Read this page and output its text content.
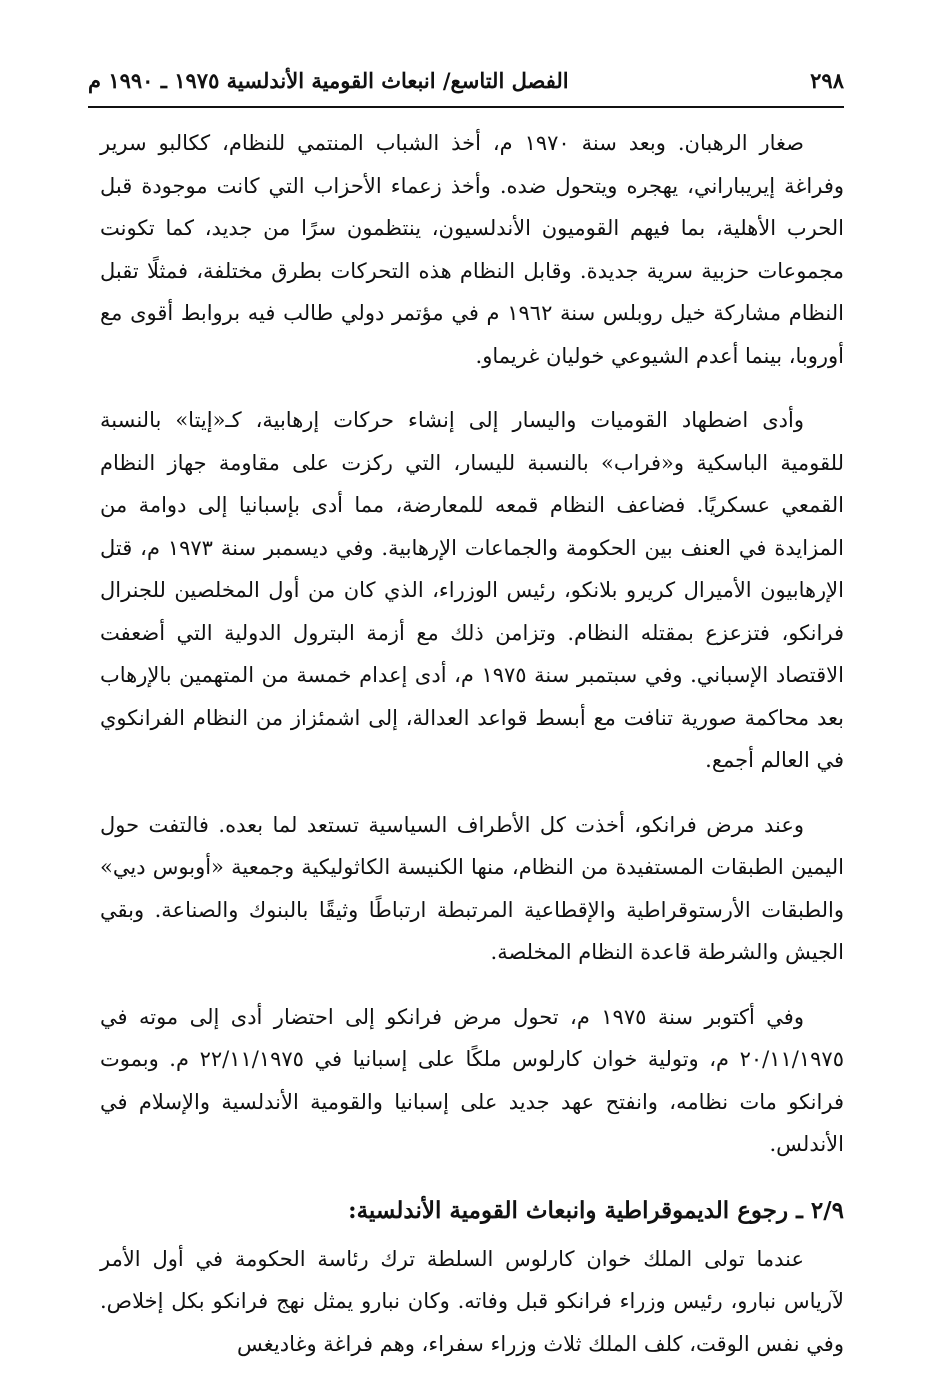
٢٩٨
الفصل التاسع/ انبعاث القومية الأندلسية ١٩٧٥ ـ ١٩٩٠ م

صغار الرهبان. وبعد سنة ١٩٧٠ م، أخذ الشباب المنتمي للنظام، ككالبو سرير وفراغة إيريباراني، يهجره ويتحول ضده. وأخذ زعماء الأحزاب التي كانت موجودة قبل الحرب الأهلية، بما فيهم القوميون الأندلسيون، ينتظمون سرًا من جديد، كما تكونت مجموعات حزبية سرية جديدة. وقابل النظام هذه التحركات بطرق مختلفة، فمثلًا تقبل النظام مشاركة خيل روبلس سنة ١٩٦٢ م في مؤتمر دولي طالب فيه بروابط أقوى مع أوروبا، بينما أعدم الشيوعي خوليان غريماو.

وأدى اضطهاد القوميات واليسار إلى إنشاء حركات إرهابية، كـ«إيتا» بالنسبة للقومية الباسكية و«فراب» بالنسبة لليسار، التي ركزت على مقاومة جهاز النظام القمعي عسكريًا. فضاعف النظام قمعه للمعارضة، مما أدى بإسبانيا إلى دوامة من المزايدة في العنف بين الحكومة والجماعات الإرهابية. وفي ديسمبر سنة ١٩٧٣ م، قتل الإرهابيون الأميرال كريرو بلانكو، رئيس الوزراء، الذي كان من أول المخلصين للجنرال فرانكو، فتزعزع بمقتله النظام. وتزامن ذلك مع أزمة البترول الدولية التي أضعفت الاقتصاد الإسباني. وفي سبتمبر سنة ١٩٧٥ م، أدى إعدام خمسة من المتهمين بالإرهاب بعد محاكمة صورية تنافت مع أبسط قواعد العدالة، إلى اشمئزاز من النظام الفرانكوي في العالم أجمع.

وعند مرض فرانكو، أخذت كل الأطراف السياسية تستعد لما بعده. فالتفت حول اليمين الطبقات المستفيدة من النظام، منها الكنيسة الكاثوليكية وجمعية «أوبوس ديي» والطبقات الأرستوقراطية والإقطاعية المرتبطة ارتباطًا وثيقًا بالبنوك والصناعة. وبقي الجيش والشرطة قاعدة النظام المخلصة.

وفي أكتوبر سنة ١٩٧٥ م، تحول مرض فرانكو إلى احتضار أدى إلى موته في ٢٠/١١/١٩٧٥ م، وتولية خوان كارلوس ملكًا على إسبانيا في ٢٢/١١/١٩٧٥ م. وبموت فرانكو مات نظامه، وانفتح عهد جديد على إسبانيا والقومية الأندلسية والإسلام في الأندلس.

٢/٩ ـ رجوع الديموقراطية وانبعاث القومية الأندلسية:

عندما تولى الملك خوان كارلوس السلطة ترك رئاسة الحكومة في أول الأمر لآرياس نبارو، رئيس وزراء فرانكو قبل وفاته. وكان نبارو يمثل نهج فرانكو بكل إخلاص. وفي نفس الوقت، كلف الملك ثلاث وزراء سفراء، وهم فراغة وغاديغس
